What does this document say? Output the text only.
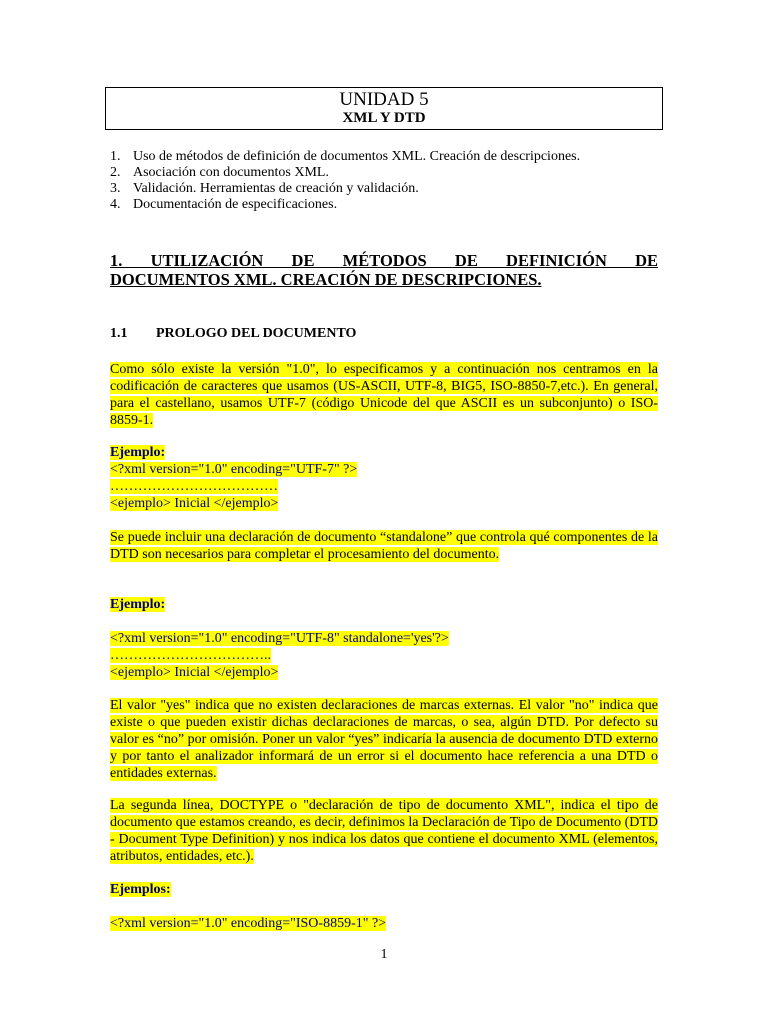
UNIDAD 5
XML Y DTD
1. Uso de métodos de definición de documentos XML. Creación de descripciones.
2. Asociación con documentos XML.
3. Validación. Herramientas de creación y validación.
4. Documentación de especificaciones.
1. UTILIZACIÓN DE MÉTODOS DE DEFINICIÓN DE
DOCUMENTOS XML. CREACIÓN DE DESCRIPCIONES.
1.1 PROLOGO DEL DOCUMENTO
Como sólo existe la versión "1.0", lo especificamos y a continuación nos centramos en la codificación de caracteres que usamos (US-ASCII, UTF-8, BIG5, ISO-8850-7,etc.). En general, para el castellano, usamos UTF-7 (código Unicode del que ASCII es un subconjunto) o ISO-8859-1.
Ejemplo:
<?xml version="1.0" encoding="UTF-7" ?>
………………………………
<ejemplo> Inicial </ejemplo>
Se puede incluir una declaración de documento “standalone” que controla qué componentes de la DTD son necesarios para completar el procesamiento del documento.
Ejemplo:
<?xml version="1.0" encoding="UTF-8" standalone='yes'?>
……………………………..
<ejemplo> Inicial </ejemplo>
El valor "yes" indica que no existen declaraciones de marcas externas. El valor "no" indica que existe o que pueden existir dichas declaraciones de marcas, o sea, algún DTD. Por defecto su valor es “no” por omisión. Poner un valor “yes” indicaría la ausencia de documento DTD externo y por tanto el analizador informará de un error si el documento hace referencia a una DTD o entidades externas.
La segunda línea, DOCTYPE o "declaración de tipo de documento XML", indica el tipo de documento que estamos creando, es decir, definimos la Declaración de Tipo de Documento (DTD - Document Type Definition) y nos indica los datos que contiene el documento XML (elementos, atributos, entidades, etc.).
Ejemplos:
<?xml version="1.0" encoding="ISO-8859-1" ?>
1
